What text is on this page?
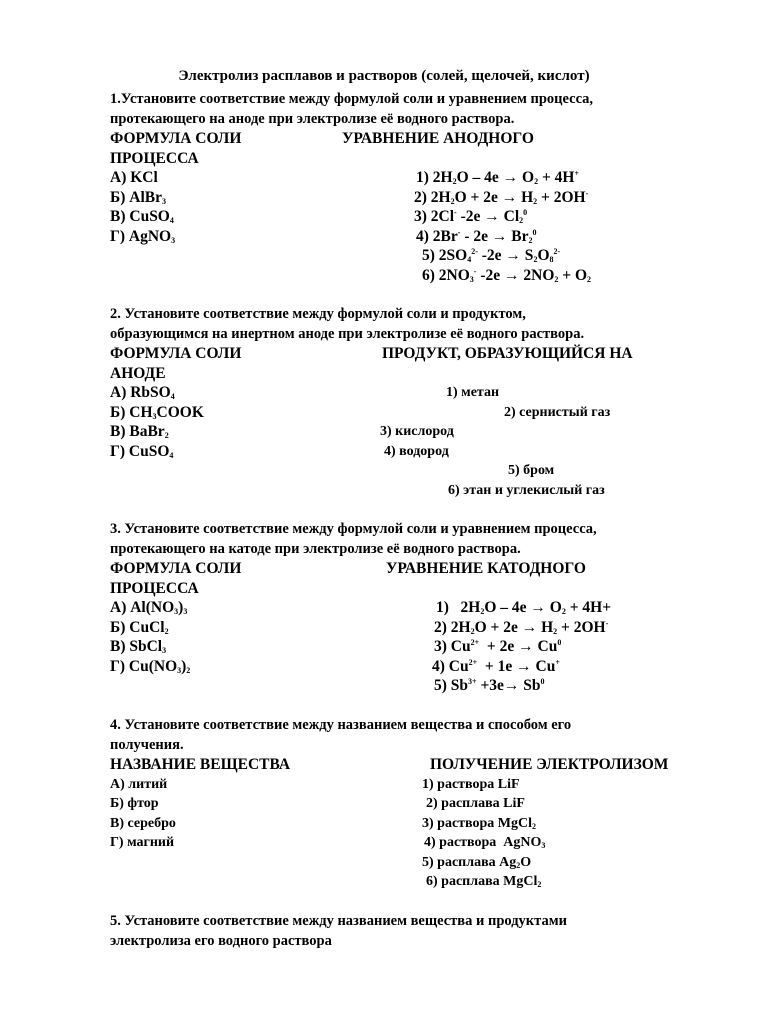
Электролиз расплавов и растворов (солей, щелочей, кислот)
1.Установите соответствие между формулой соли и уравнением процесса,
протекающего на аноде при электролизе её водного раствора.
ФОРМУЛА СОЛИ	УРАВНЕНИЕ АНОДНОГО
ПРОЦЕССА
А) KCl	1) $2H_2O - 4e \to O_2 + 4H^+$
Б) AlBr$_3$	2) $2H_2O + 2e \to H_2 + 2OH^-$
В) CuSO$_4$	3) 2Cl- $-2e \to Cl_2^0$
Г) AgNO$_3$	4) $2Br^- - 2e \to Br_2^0$
5) $2SO_4^{2-}$ $-2e \to S_2O_8^{2-}$
6) $2NO_3^-$ $-2e \to 2NO_2 + O_2$
2. Установите соответствие между формулой соли и продуктом,
образующимся на инертном аноде при электролизе её водного раствора.
ФОРМУЛА СОЛИ	ПРОДУКТ, ОБРАЗУЮЩИЙСЯ НА
АНОДЕ
А) RbSO$_4$	1) метан
Б) $CH_3COOK$	2) сернистый газ
В) BaBr$_2$	3) кислород
Г) CuSO$_4$	4) водород
5) бром
6) этан и углекислый газ
3. Установите соответствие между формулой соли и уравнением процесса,
протекающего на катоде при электролизе её водного раствора.
ФОРМУЛА СОЛИ	УРАВНЕНИЕ КАТОДНОГО
ПРОЦЕССА
А) $Al(NO_3)_3$	1)   $2H_2O - 4e \to O_2 + 4H+$
Б) CuCl$_2$	2) $2H_2O + 2e \to H_2 + 2OH^-$
В) SbCl$_3$	3) $Cu^{2+} + 2e \to Cu^0$
Г) $Cu(NO_3)_2$	4) $Cu^{2+} + 1e \to Cu^+$
5) $Sb^{3+} +3e\to Sb^0$
4. Установите соответствие между названием вещества и способом его
получения.
НАЗВАНИЕ ВЕЩЕСТВА	ПОЛУЧЕНИЕ ЭЛЕКТРОЛИЗОМ
А) литий	1) раствора LiF
Б) фтор	2) расплава LiF
В) серебро	3) раствора MgCl$_2$
Г) магний	4) раствора  AgNO$_3$
5) расплава $Ag_2O$
6) расплава MgCl$_2$
5. Установите соответствие между названием вещества и продуктами
электролиза его водного раствора
